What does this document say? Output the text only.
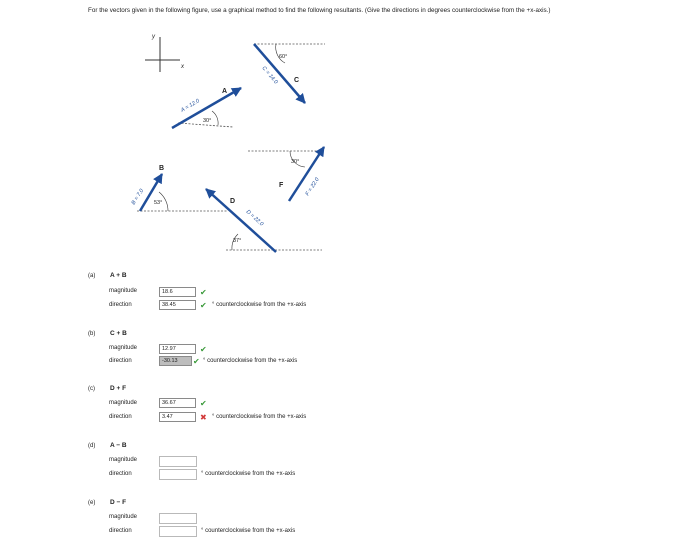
For the vectors given in the following figure, use a graphical method to find the following resultants. (Give the directions in degrees counterclockwise from the +x-axis.)
y
x
30°
A = 12.0
A
60°
C = 14.0 C
53°
B = 7.0
B
30°
F = 22.0
F
37°
D = 22.0
D
(a) A + B
magnitude	18.6	✔
direction	38.45	✔ ° counterclockwise from the +x-axis
(b) C + B
magnitude	12.97	✔
direction	-30.13	✔ ° counterclockwise from the +x-axis
(c) D + F
magnitude	36.67	✔
direction	3.47	✖ ° counterclockwise from the +x-axis
(d) A − B
magnitude
direction	° counterclockwise from the +x-axis
(e) D − F
magnitude
direction	° counterclockwise from the +x-axis
